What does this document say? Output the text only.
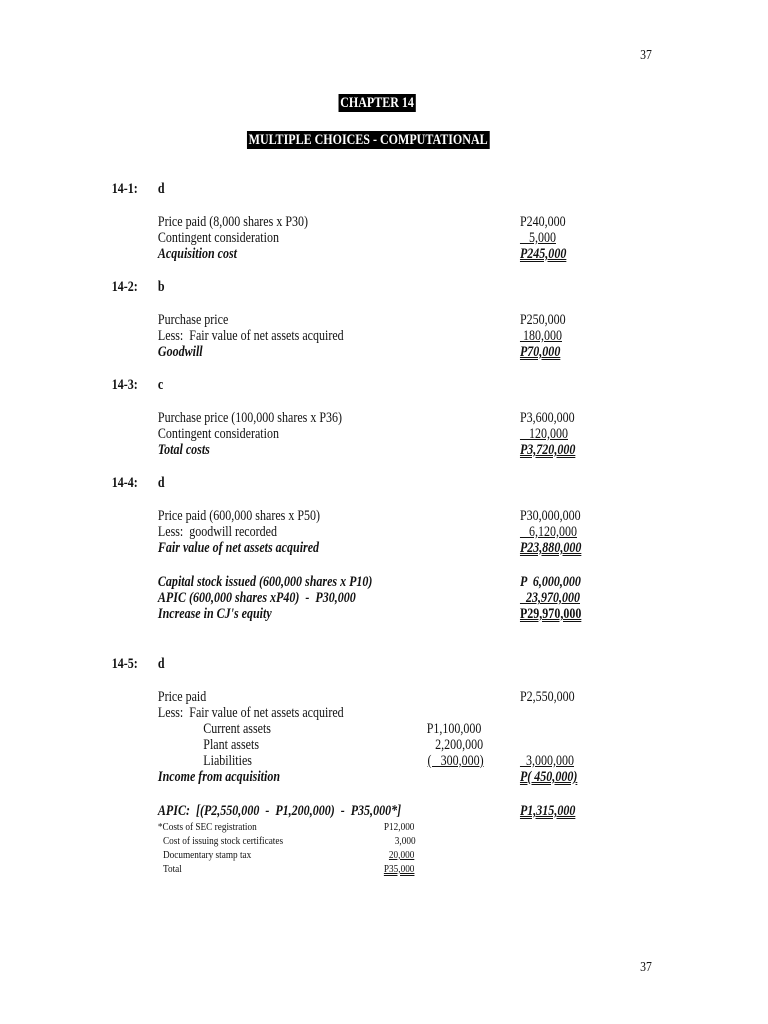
37
CHAPTER 14
MULTIPLE CHOICES - COMPUTATIONAL
14-1: d
Price paid (8,000 shares x P30)	P240,000
Contingent consideration	5,000
Acquisition cost	P245,000
14-2: b
Purchase price	P250,000
Less:  Fair value of net assets acquired	180,000
Goodwill	P70,000
14-3: c
Purchase price (100,000 shares x P36)	P3,600,000
Contingent consideration	120,000
Total costs	P3,720,000
14-4: d
Price paid (600,000 shares x P50)	P30,000,000
Less:  goodwill recorded	6,120,000
Fair value of net assets acquired	P23,880,000
Capital stock issued (600,000 shares x P10)	P  6,000,000
APIC (600,000 shares xP40)  -  P30,000	23,970,000
Increase in CJ's equity	P29,970,000
14-5: d
Price paid	P2,550,000
Less:  Fair value of net assets acquired
Current assets	P1,100,000
Plant assets	2,200,000
Liabilities	(   300,000)	3,000,000
Income from acquisition	P( 450,000)
APIC:  [(P2,550,000  -  P1,200,000)  -  P35,000*]	P1,315,000
*Costs of SEC registration	P12,000
Cost of issuing stock certificates	3,000
Documentary stamp tax	20,000
Total	P35,000
37
